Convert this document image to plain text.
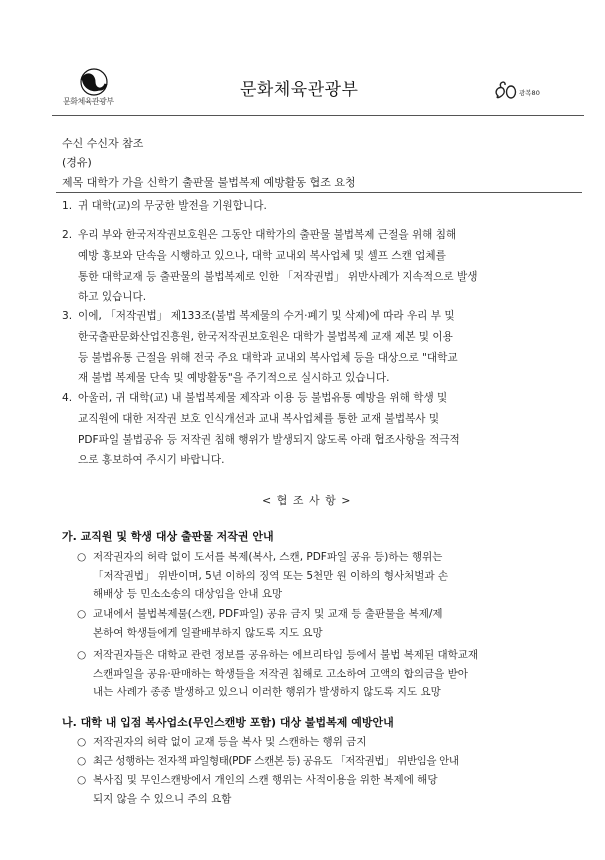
문화체육관광부
문화체육관광부	광복80
수신 수신자 참조
(경유)
제목 대학가 가을 신학기 출판물 불법복제 예방활동 협조 요청
1. 귀 대학(교)의 무궁한 발전을 기원합니다.
2. 우리 부와 한국저작권보호원은 그동안 대학가의 출판물 불법복제 근절을 위해 침해
예방 홍보와 단속을 시행하고 있으나, 대학 교내외 복사업체 및 셀프 스캔 업체를
통한 대학교재 등 출판물의 불법복제로 인한 「저작권법」 위반사례가 지속적으로 발생
하고 있습니다.
3. 이에, 「저작권법」 제133조(불법 복제물의 수거·폐기 및 삭제)에 따라 우리 부 및
한국출판문화산업진흥원, 한국저작권보호원은 대학가 불법복제 교재 제본 및 이용
등 불법유통 근절을 위해 전국 주요 대학과 교내외 복사업체 등을 대상으로 "대학교
재 불법 복제물 단속 및 예방활동"을 주기적으로 실시하고 있습니다.
4. 아울러, 귀 대학(교) 내 불법복제물 제작과 이용 등 불법유통 예방을 위해 학생 및
교직원에 대한 저작권 보호 인식개선과 교내 복사업체를 통한 교재 불법복사 및
PDF파일 불법공유 등 저작권 침해 행위가 발생되지 않도록 아래 협조사항을 적극적
으로 홍보하여 주시기 바랍니다.
< 협 조 사 항 >
가. 교직원 및 학생 대상 출판물 저작권 안내
○ 저작권자의 허락 없이 도서를 복제(복사, 스캔, PDF파일 공유 등)하는 행위는
「저작권법」 위반이며, 5년 이하의 징역 또는 5천만 원 이하의 형사처벌과 손
해배상 등 민소소송의 대상임을 안내 요망
○ 교내에서 불법복제물(스캔, PDF파일) 공유 금지 및 교재 등 출판물을 복제/제
본하여 학생들에게 일괄배부하지 않도록 지도 요망
○ 저작권자들은 대학교 관련 정보를 공유하는 에브리타임 등에서 불법 복제된 대학교재
스캔파일을 공유·판매하는 학생들을 저작권 침해로 고소하여 고액의 합의금을 받아
내는 사례가 종종 발생하고 있으니 이러한 행위가 발생하지 않도록 지도 요망
나. 대학 내 입점 복사업소(무인스캔방 포함) 대상 불법복제 예방안내
○ 저작권자의 허락 없이 교재 등을 복사 및 스캔하는 행위 금지
○ 최근 성행하는 전자책 파일형태(PDF 스캔본 등) 공유도 「저작권법」 위반임을 안내
○ 복사집 및 무인스캔방에서 개인의 스캔 행위는 사적이용을 위한 복제에 해당
되지 않을 수 있으니 주의 요함
